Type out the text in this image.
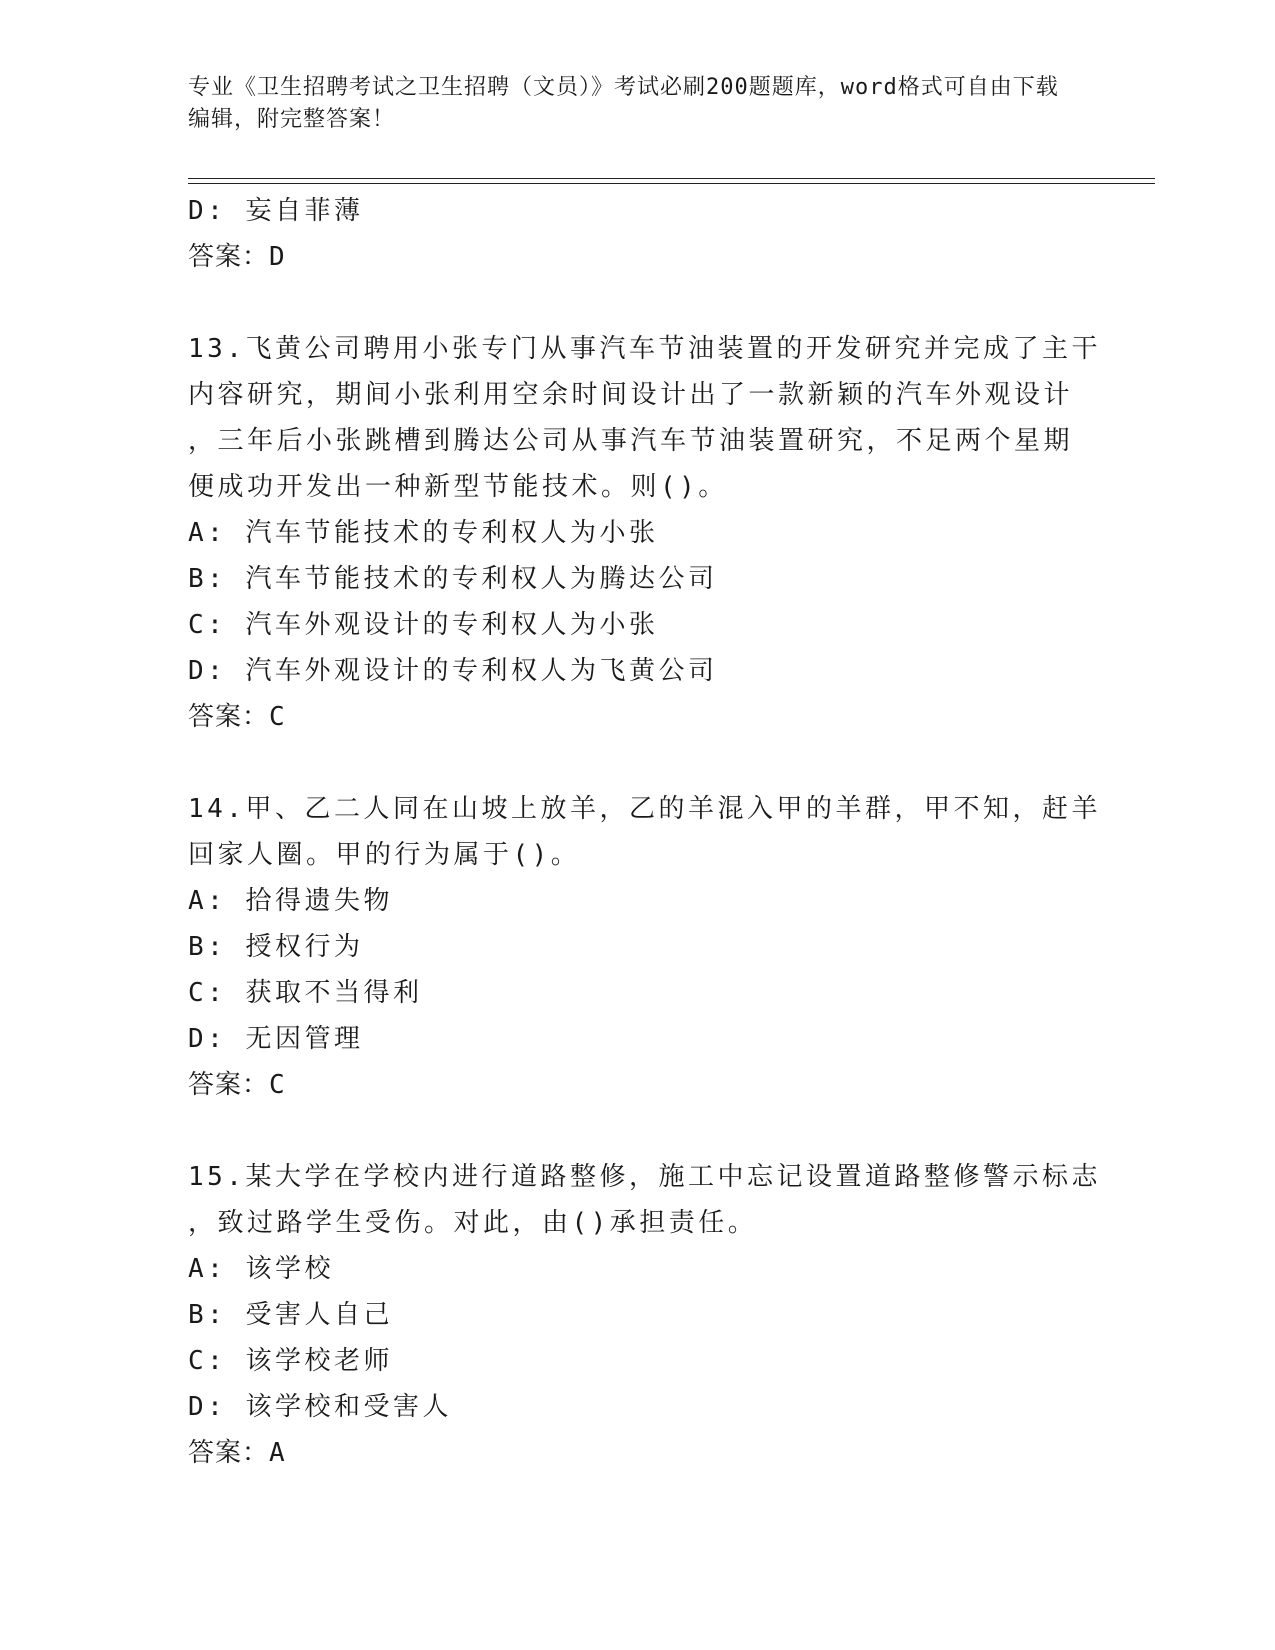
专业《卫生招聘考试之卫生招聘（文员）》考试必刷200题题库，word格式可自由下载编辑，附完整答案！
D: 妄自菲薄
答案：D
13.飞黄公司聘用小张专门从事汽车节油装置的开发研究并完成了主干
内容研究，期间小张利用空余时间设计出了一款新颖的汽车外观设计
，三年后小张跳槽到腾达公司从事汽车节油装置研究，不足两个星期
便成功开发出一种新型节能技术。则()。
A: 汽车节能技术的专利权人为小张
B: 汽车节能技术的专利权人为腾达公司
C: 汽车外观设计的专利权人为小张
D: 汽车外观设计的专利权人为飞黄公司
答案：C
14.甲、乙二人同在山坡上放羊，乙的羊混入甲的羊群，甲不知，赶羊
回家人圈。甲的行为属于()。
A: 拾得遗失物
B: 授权行为
C: 获取不当得利
D: 无因管理
答案：C
15.某大学在学校内进行道路整修，施工中忘记设置道路整修警示标志
，致过路学生受伤。对此，由()承担责任。
A: 该学校
B: 受害人自己
C: 该学校老师
D: 该学校和受害人
答案：A
